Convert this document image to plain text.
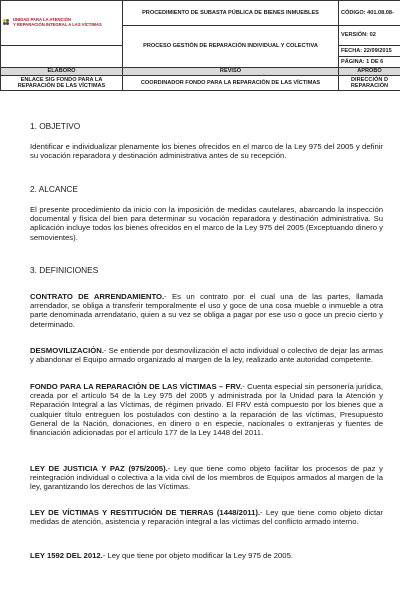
UNIDAD PARA LA ATENCIÓN
Y REPARACIÓN INTEGRAL A LAS VÍCTIMAS	PROCEDIMIENTO DE SUBASTA PÚBLICA DE BIENES INMUEBLES	CÓDIGO: 401.08.08-
	PROCESO GESTIÓN DE REPARACIÓN INDIVIDUAL Y COLECTIVA	VERSIÓN: 02
		FECHA: 22/09/2015
		PÁGINA: 1 DE 6
ELABORÓ	REVISÓ	APROBÓ
ENLACE SIG FONDO PARA LA REPARACIÓN DE LAS VÍCTIMAS	COORDINADOR FONDO PARA LA REPARACIÓN DE LAS VÍCTIMAS	DIRECCIÓN D REPARACIÓN
1. OBJETIVO

Identificar e individualizar plenamente los bienes ofrecidos en el marco de la Ley 975 del 2005 y definir su vocación reparadora y destinación administrativa antes de su recepción.

2. ALCANCE

El presente procedimiento da inicio con la imposición de medidas cautelares, abarcando la inspección documental y física del bien para determinar su vocación reparadora y destinación administrativa. Su aplicación incluye todos los bienes ofrecidos en el marco de la Ley 975 del 2005 (Exceptuando dinero y semovientes).

3. DEFINICIONES

CONTRATO DE ARRENDAMIENTO.- Es un contrato por el cual una de las partes, llamada arrendador, se obliga a transferir temporalmente el uso y goce de una cosa mueble o inmueble a otra parte denominada arrendatario, quien a su vez se obliga a pagar por ese uso o goce un precio cierto y determinado.

DESMOVILIZACIÓN.- Se entiende por desmovilización el acto individual o colectivo de dejar las armas y abandonar el Equipo armado organizado al margen de la ley, realizado ante autoridad competente.

FONDO PARA LA REPARACIÓN DE LAS VÍCTIMAS – FRV.- Cuenta especial sin personería jurídica, creada por el artículo 54 de la Ley 975 del 2005 y administrada por la Unidad para la Atención y Reparación Integral a las Víctimas, de régimen privado. El FRV está compuesto por los bienes que a cualquier título entreguen los postulados con destino a la reparación de las víctimas, Presupuesto General de la Nación, donaciones, en dinero o en especie, nacionales o extranjeras y fuentes de financiación adicionadas por el artículo 177 de la Ley 1448 del 2011.

LEY DE JUSTICIA Y PAZ (975/2005).- Ley que tiene como objeto facilitar los procesos de paz y reintegración individual o colectiva a la vida civil de los miembros de Equipos armados al margen de la ley, garantizando los derechos de las Víctimas.

LEY DE VÍCTIMAS Y RESTITUCIÓN DE TIERRAS (1448/2011).- Ley que tiene como objeto dictar medidas de atención, asistencia y reparación integral a las víctimas del conflicto armado interno.

LEY 1592 DEL 2012.- Ley que tiene por objeto modificar la Ley 975 de 2005.
